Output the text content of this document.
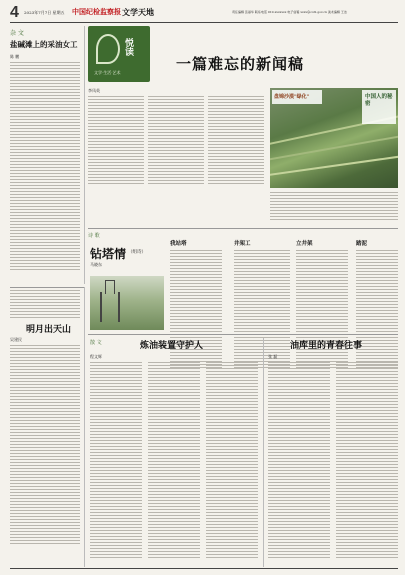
4 2023年7月7日 星期五 中国纪检监察报 文学天地	责任编辑 张丽华 联系电话 010-xxxxxxx 电子信箱 xxxx@ccdi.gov.cn 美术编辑 王洁
杂 文
盐碱滩上的采油女工
陈 鹏
悦读
文学·生活·艺术	一篇难忘的新闻稿
李凤英
盘锦沙漠"绿化"	中国人的秘密
诗 歌
钻塔情 （组诗）
马晓东
我站塔	井架工	立井架	踏泥
明月出天山
吴建民
散 文	炼油装置守护人
程文辉
油库里的青春往事
张 磊
